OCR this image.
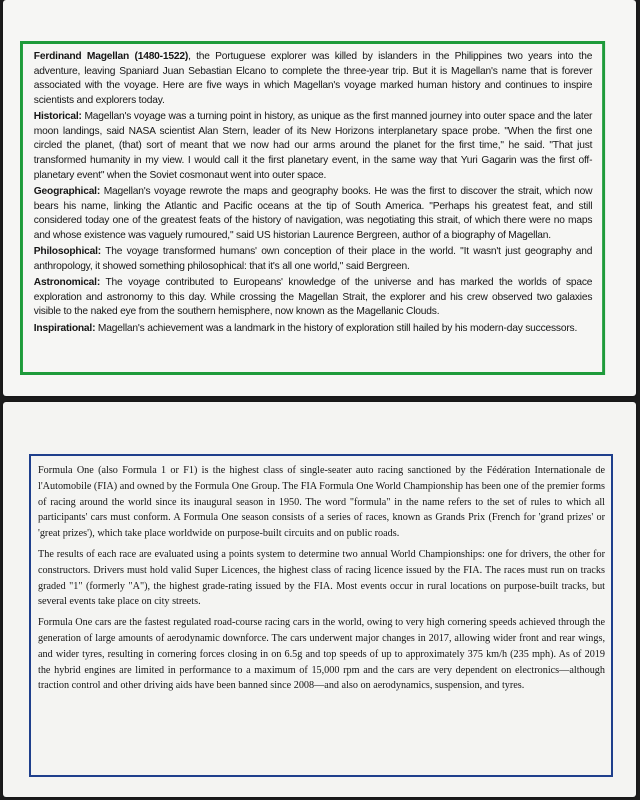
Ferdinand Magellan (1480-1522), the Portuguese explorer was killed by islanders in the Philippines two years into the adventure, leaving Spaniard Juan Sebastian Elcano to complete the three-year trip. But it is Magellan's name that is forever associated with the voyage. Here are five ways in which Magellan's voyage marked human history and continues to inspire scientists and explorers today.

Historical: Magellan's voyage was a turning point in history, as unique as the first manned journey into outer space and the later moon landings, said NASA scientist Alan Stern, leader of its New Horizons interplanetary space probe. "When the first one circled the planet, (that) sort of meant that we now had our arms around the planet for the first time," he said. "That just transformed humanity in my view. I would call it the first planetary event, in the same way that Yuri Gagarin was the first off-planetary event" when the Soviet cosmonaut went into outer space.

Geographical: Magellan's voyage rewrote the maps and geography books. He was the first to discover the strait, which now bears his name, linking the Atlantic and Pacific oceans at the tip of South America. "Perhaps his greatest feat, and still considered today one of the greatest feats of the history of navigation, was negotiating this strait, of which there were no maps and whose existence was vaguely rumoured," said US historian Laurence Bergreen, author of a biography of Magellan.

Philosophical: The voyage transformed humans' own conception of their place in the world. "It wasn't just geography and anthropology, it showed something philosophical: that it's all one world," said Bergreen.

Astronomical: The voyage contributed to Europeans' knowledge of the universe and has marked the worlds of space exploration and astronomy to this day. While crossing the Magellan Strait, the explorer and his crew observed two galaxies visible to the naked eye from the southern hemisphere, now known as the Magellanic Clouds.

Inspirational: Magellan's achievement was a landmark in the history of exploration still hailed by his modern-day successors.

Formula One (also Formula 1 or F1) is the highest class of single-seater auto racing sanctioned by the Fédération Internationale de l'Automobile (FIA) and owned by the Formula One Group. The FIA Formula One World Championship has been one of the premier forms of racing around the world since its inaugural season in 1950. The word "formula" in the name refers to the set of rules to which all participants' cars must conform. A Formula One season consists of a series of races, known as Grands Prix (French for 'grand prizes' or 'great prizes'), which take place worldwide on purpose-built circuits and on public roads.

The results of each race are evaluated using a points system to determine two annual World Championships: one for drivers, the other for constructors. Drivers must hold valid Super Licences, the highest class of racing licence issued by the FIA. The races must run on tracks graded "1" (formerly "A"), the highest grade-rating issued by the FIA. Most events occur in rural locations on purpose-built tracks, but several events take place on city streets.

Formula One cars are the fastest regulated road-course racing cars in the world, owing to very high cornering speeds achieved through the generation of large amounts of aerodynamic downforce. The cars underwent major changes in 2017, allowing wider front and rear wings, and wider tyres, resulting in cornering forces closing in on 6.5g and top speeds of up to approximately 375 km/h (235 mph). As of 2019 the hybrid engines are limited in performance to a maximum of 15,000 rpm and the cars are very dependent on electronics—although traction control and other driving aids have been banned since 2008—and also on aerodynamics, suspension, and tyres.
